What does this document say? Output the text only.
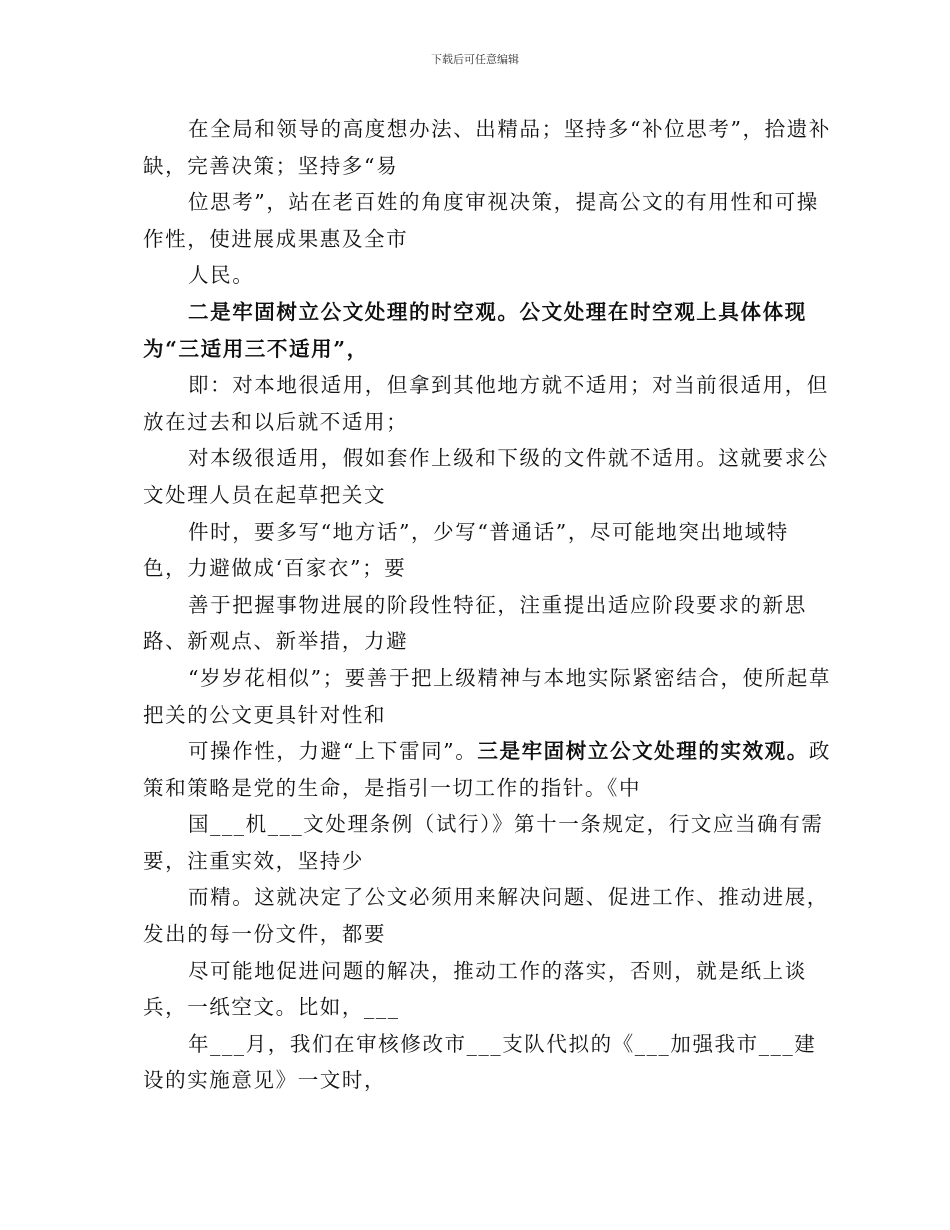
下载后可任意编辑

在全局和领导的高度想办法、出精品；坚持多“补位思考”，拾遗补缺，完善决策；坚持多“易

位思考”，站在老百姓的角度审视决策，提高公文的有用性和可操作性，使进展成果惠及全市

人民。

二是牢固树立公文处理的时空观。公文处理在时空观上具体体现为“三适用三不适用”，

即：对本地很适用，但拿到其他地方就不适用；对当前很适用，但放在过去和以后就不适用；

对本级很适用，假如套作上级和下级的文件就不适用。这就要求公文处理人员在起草把关文

件时，要多写“地方话”，少写“普通话”，尽可能地突出地域特色，力避做成‘百家衣”；要

善于把握事物进展的阶段性特征，注重提出适应阶段要求的新思路、新观点、新举措，力避

“岁岁花相似”；要善于把上级精神与本地实际紧密结合，使所起草把关的公文更具针对性和

可操作性，力避“上下雷同”。三是牢固树立公文处理的实效观。政策和策略是党的生命，是指引一切工作的指针。《中

国___机___文处理条例（试行）》第十一条规定，行文应当确有需要，注重实效，坚持少

而精。这就决定了公文必须用来解决问题、促进工作、推动进展，发出的每一份文件，都要

尽可能地促进问题的解决，推动工作的落实，否则，就是纸上谈兵，一纸空文。比如，___

年___月，我们在审核修改市___支队代拟的《___加强我市___建设的实施意见》一文时，
